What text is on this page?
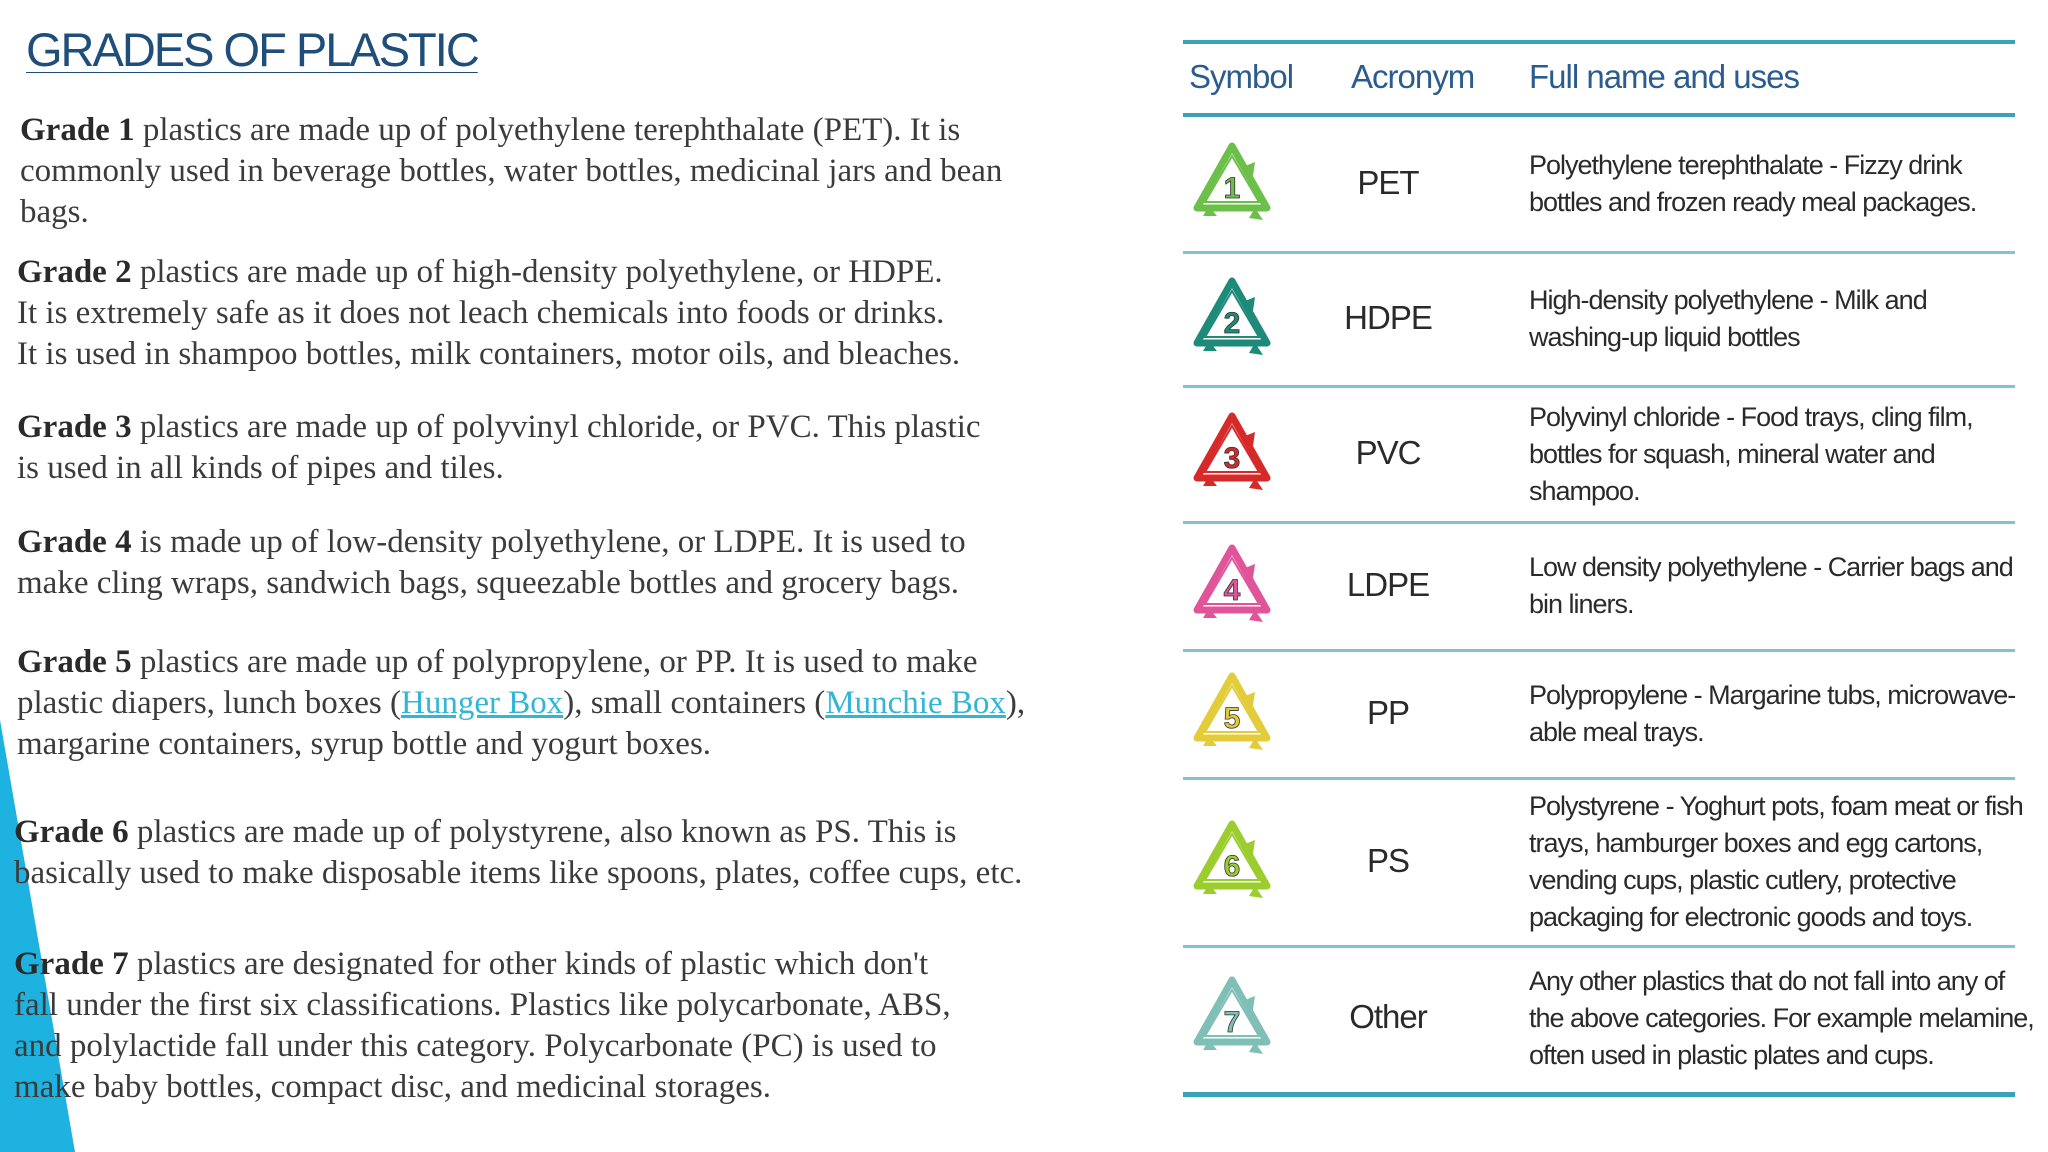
GRADES OF PLASTIC
Grade 1 plastics are made up of polyethylene terephthalate (PET). It is
commonly used in beverage bottles, water bottles, medicinal jars and bean
bags.
Grade 2 plastics are made up of high-density polyethylene, or HDPE.
It is extremely safe as it does not leach chemicals into foods or drinks.
It is used in shampoo bottles, milk containers, motor oils, and bleaches.
Grade 3 plastics are made up of polyvinyl chloride, or PVC. This plastic
is used in all kinds of pipes and tiles.
Grade 4 is made up of low-density polyethylene, or LDPE. It is used to
make cling wraps, sandwich bags, squeezable bottles and grocery bags.
Grade 5 plastics are made up of polypropylene, or PP. It is used to make
plastic diapers, lunch boxes (Hunger Box), small containers (Munchie Box),
margarine containers, syrup bottle and yogurt boxes.
Grade 6 plastics are made up of polystyrene, also known as PS. This is
basically used to make disposable items like spoons, plates, coffee cups, etc.
Grade 7 plastics are designated for other kinds of plastic which don't
fall under the first six classifications. Plastics like polycarbonate, ABS,
and polylactide fall under this category. Polycarbonate (PC) is used to
make baby bottles, compact disc, and medicinal storages.
Symbol Acronym Full name and uses
1	PET	Polyethylene terephthalate - Fizzy drink
bottles and frozen ready meal packages.
2	HDPE	High-density polyethylene - Milk and
washing-up liquid bottles
3	PVC
Polyvinyl chloride - Food trays, cling film,
bottles for squash, mineral water and
shampoo.
4	LDPE	Low density polyethylene - Carrier bags and
bin liners.
5	PP	Polypropylene - Margarine tubs, microwave-
able meal trays.
6	PS
Polystyrene - Yoghurt pots, foam meat or fish
trays, hamburger boxes and egg cartons,
vending cups, plastic cutlery, protective
packaging for electronic goods and toys.
7	Other
Any other plastics that do not fall into any of
the above categories. For example melamine,
often used in plastic plates and cups.
